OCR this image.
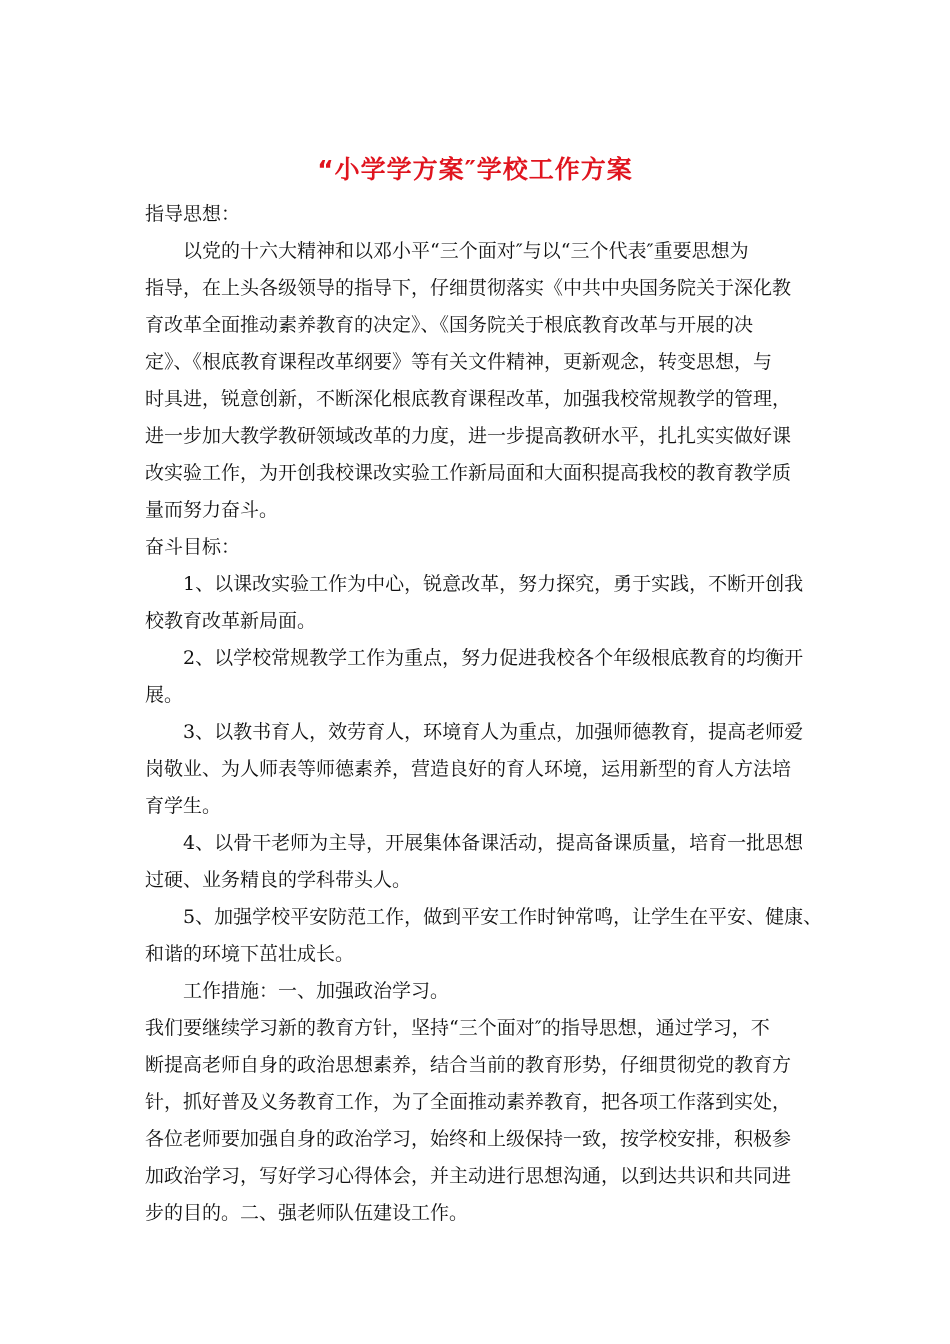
“小学学方案″学校工作方案
指导思想：
以党的十六大精神和以邓小平“三个面对″与以“三个代表″重要思想为
指导，在上头各级领导的指导下，仔细贯彻落实《中共中央国务院关于深化教
育改革全面推动素养教育的决定》、《国务院关于根底教育改革与开展的决
定》、《根底教育课程改革纲要》等有关文件精神，更新观念，转变思想，与
时具进，锐意创新，不断深化根底教育课程改革，加强我校常规教学的管理，
进一步加大教学教研领域改革的力度，进一步提高教研水平，扎扎实实做好课
改实验工作，为开创我校课改实验工作新局面和大面积提高我校的教育教学质
量而努力奋斗。
奋斗目标：
1、以课改实验工作为中心，锐意改革，努力探究，勇于实践，不断开创我
校教育改革新局面。
2、以学校常规教学工作为重点，努力促进我校各个年级根底教育的均衡开
展。
3、以教书育人，效劳育人，环境育人为重点，加强师德教育，提高老师爱
岗敬业、为人师表等师德素养，营造良好的育人环境，运用新型的育人方法培
育学生。
4、以骨干老师为主导，开展集体备课活动，提高备课质量，培育一批思想
过硬、业务精良的学科带头人。
5、加强学校平安防范工作，做到平安工作时钟常鸣，让学生在平安、健康、
和谐的环境下茁壮成长。
工作措施：一、加强政治学习。
我们要继续学习新的教育方针，坚持“三个面对″的指导思想，通过学习，不
断提高老师自身的政治思想素养，结合当前的教育形势，仔细贯彻党的教育方
针，抓好普及义务教育工作，为了全面推动素养教育，把各项工作落到实处，
各位老师要加强自身的政治学习，始终和上级保持一致，按学校安排，积极参
加政治学习，写好学习心得体会，并主动进行思想沟通，以到达共识和共同进
步的目的。二、强老师队伍建设工作。
